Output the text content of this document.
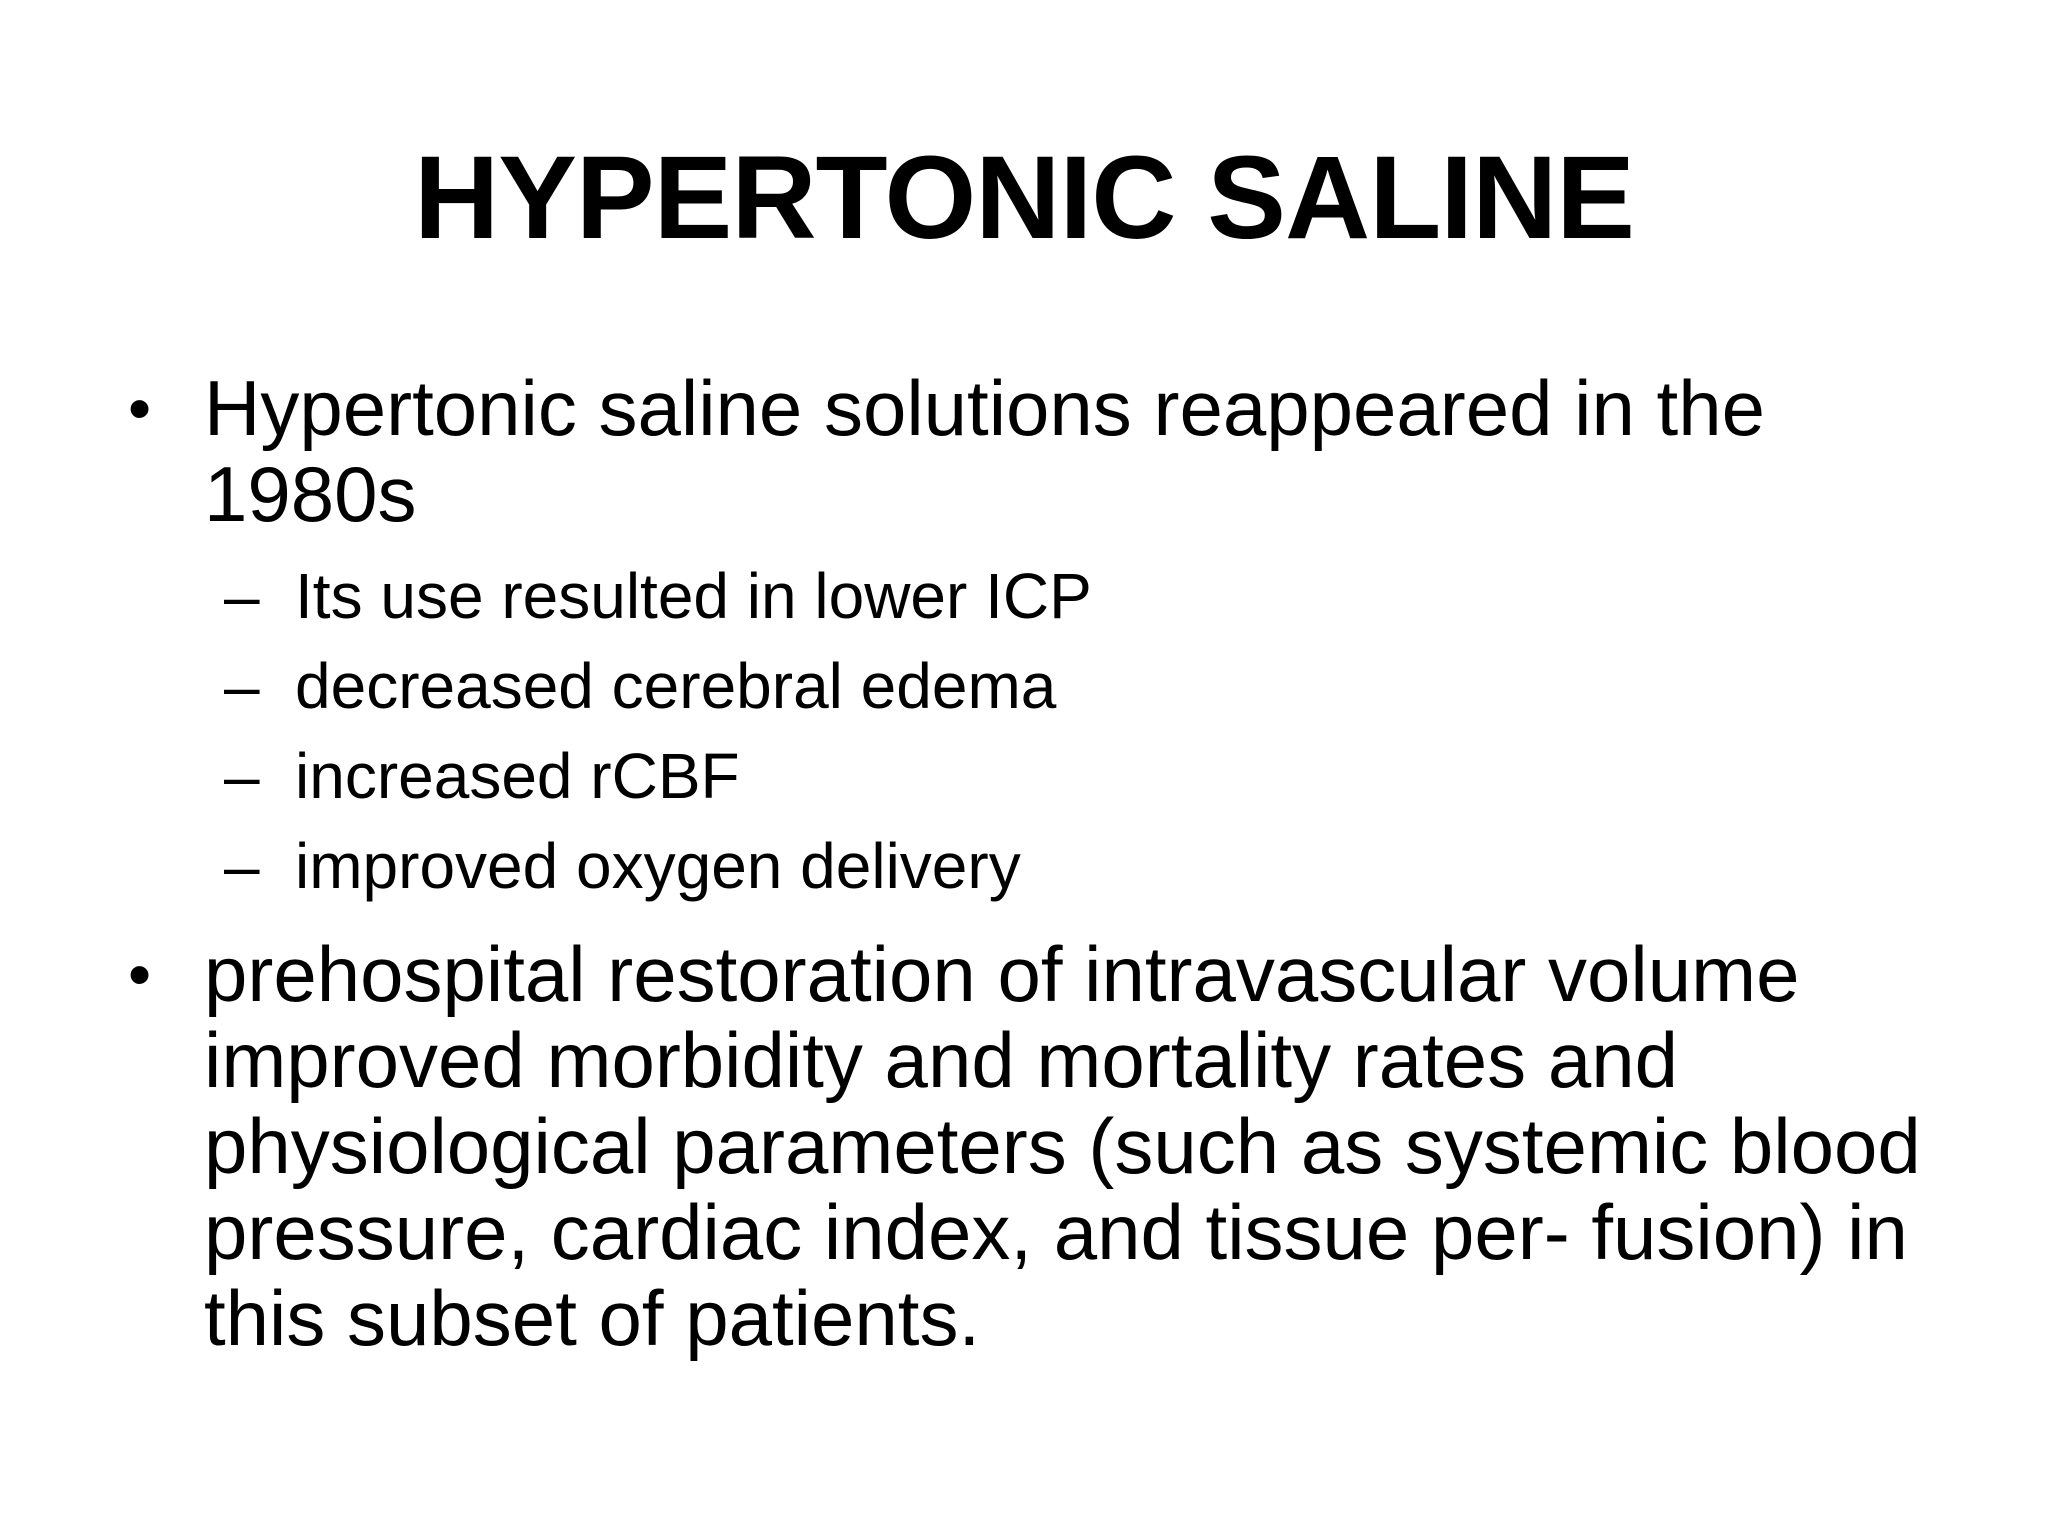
HYPERTONIC SALINE
• Hypertonic saline solutions reappeared in the 1980s
– Its use resulted in lower ICP
– decreased cerebral edema
– increased rCBF
– improved oxygen delivery
• prehospital restoration of intravascular volume improved morbidity and mortality rates and physiological parameters (such as systemic blood pressure, cardiac index, and tissue per- fusion) in this subset of patients.
